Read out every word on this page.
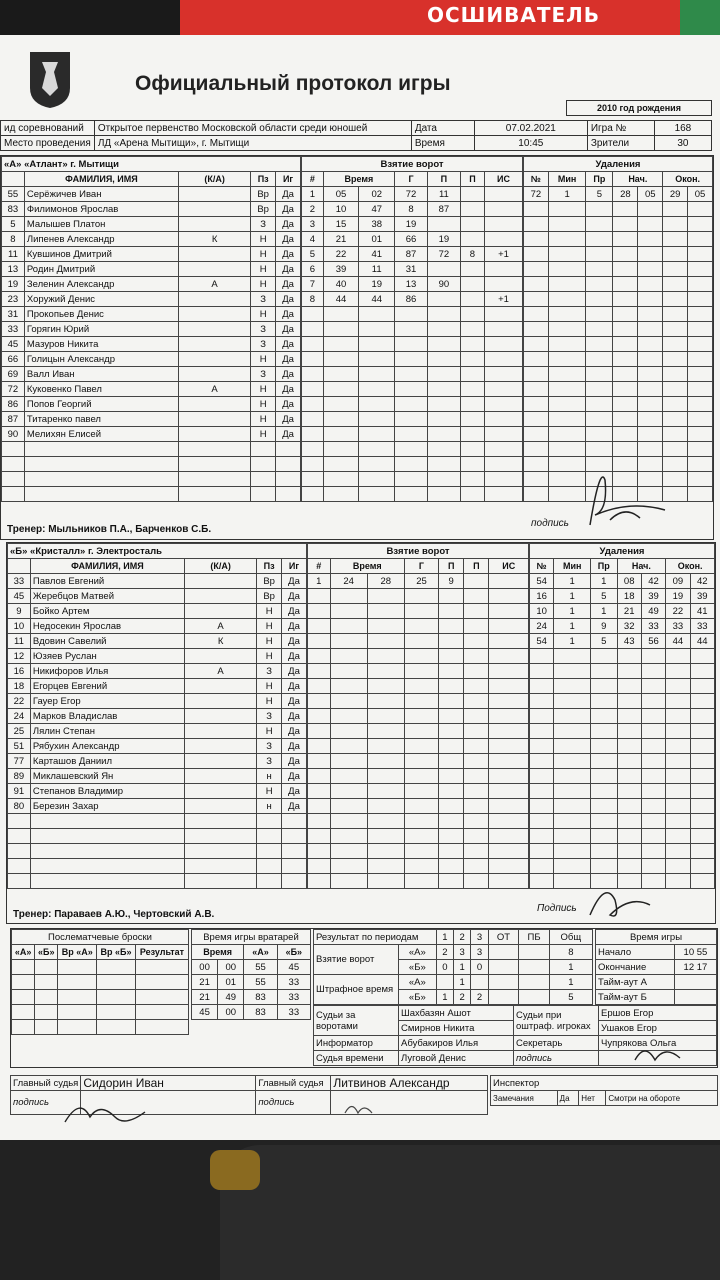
ОСШИВАТЕЛЬ
Официальный протокол игры
2010 год рождения
ид соревнований	Открытое первенство Московской области среди юношей	Дата	07.02.2021	Игра №	168
Место проведения	ЛД «Арена Мытищи», г. Мытищи	Время	10:45	Зрители	30
«А» «Атлант» г. Мытищи				
	ФАМИЛИЯ, ИМЯ	(К/А)	Пз	Иг
55	Серёжичев Иван		Вр	Да
83	Филимонов Ярослав		Вр	Да
5	Малышев Платон		З	Да
8	Липенев Александр	К	Н	Да
11	Кувшинов Дмитрий		Н	Да
13	Родин Дмитрий		Н	Да
19	Зеленин Александр	А	Н	Да
23	Хоружий Денис		З	Да
31	Прокопьев Денис		Н	Да
33	Горягин Юрий		З	Да
45	Мазуров Никита		З	Да
66	Голицын Александр		Н	Да
69	Валл Иван		З	Да
72	Куковенко Павел	А	Н	Да
86	Попов Георгий		Н	Да
87	Титаренко павел		Н	Да
90	Мелихян Елисей		Н	Да

Взятие ворот						
#	Время		Г	П	П	ИС
1	05	02	72	11		
2	10	47	8	87		
3	15	38	19			
4	21	01	66	19		
5	22	41	87	72	8	+1
6	39	11	31			
7	40	19	13	90		
8	44	44	86			+1

Удаления						
№	Мин	Пр	Нач.		Окон.	
72	1	5	28	05	29	05

Тренер: Мыльников П.А., Барченков С.Б.
подпись
«Б» «Кристалл» г. Электросталь				
	ФАМИЛИЯ, ИМЯ	(К/А)	Пз	Иг
33	Павлов Евгений		Вр	Да
45	Жеребцов Матвей		Вр	Да
9	Бойко Артем		Н	Да
10	Недосекин Ярослав	А	Н	Да
11	Вдовин Савелий	К	Н	Да
12	Юзяев Руслан		Н	Да
16	Никифоров Илья	А	З	Да
18	Егорцев Евгений		Н	Да
22	Гауер Егор		Н	Да
24	Марков Владислав		З	Да
25	Лялин Степан		Н	Да
51	Рябухин Александр		З	Да
77	Карташов Даниил		З	Да
89	Миклашевский Ян		н	Да
91	Степанов Владимир		Н	Да
80	Березин Захар		н	Да

Взятие ворот						
#	Время		Г	П	П	ИС
1	24	28	25	9		

Удаления						
№	Мин	Пр	Нач.		Окон.	
54	1	1	08	42	09	42
16	1	5	18	39	19	39
10	1	1	21	49	22	41
24	1	9	32	33	33	33
54	1	5	43	56	44	44

Тренер: Параваев А.Ю., Чертовский А.В.
Подпись
Послематчевые броски				
«А»	«Б»	Вр «А»	Вр «Б»	Результат

Время игры вратарей			
Время		«А»	«Б»
00	00	55	45
21	01	55	33
21	49	83	33
45	00	83	33
Результат по периодам		1	2	3	ОТ	ПБ	Общ
Взятие ворот	«А»	2	3	3			8
	«Б»	0	1	0			1
Штрафное время	«А»		1				1
	«Б»	1	2	2			5
Время игры	
Начало	10 55
Окончание	12 17
Тайм-аут А	
Тайм-аут Б	
Судьи за воротами	Шахбазян Ашот	Судьи при оштраф. игроках	Ершов Егор
	Смирнов Никита		Ушаков Егор
Информатор	Абубакиров Илья	Секретарь	Чупрякова Ольга
Судья времени	Луговой Денис	подпись	
Главный судья	Сидорин Иван	Главный судья	Литвинов Александр
подпись		подпись	
Инспектор
Замечания	Да	Нет	Смотри на обороте
